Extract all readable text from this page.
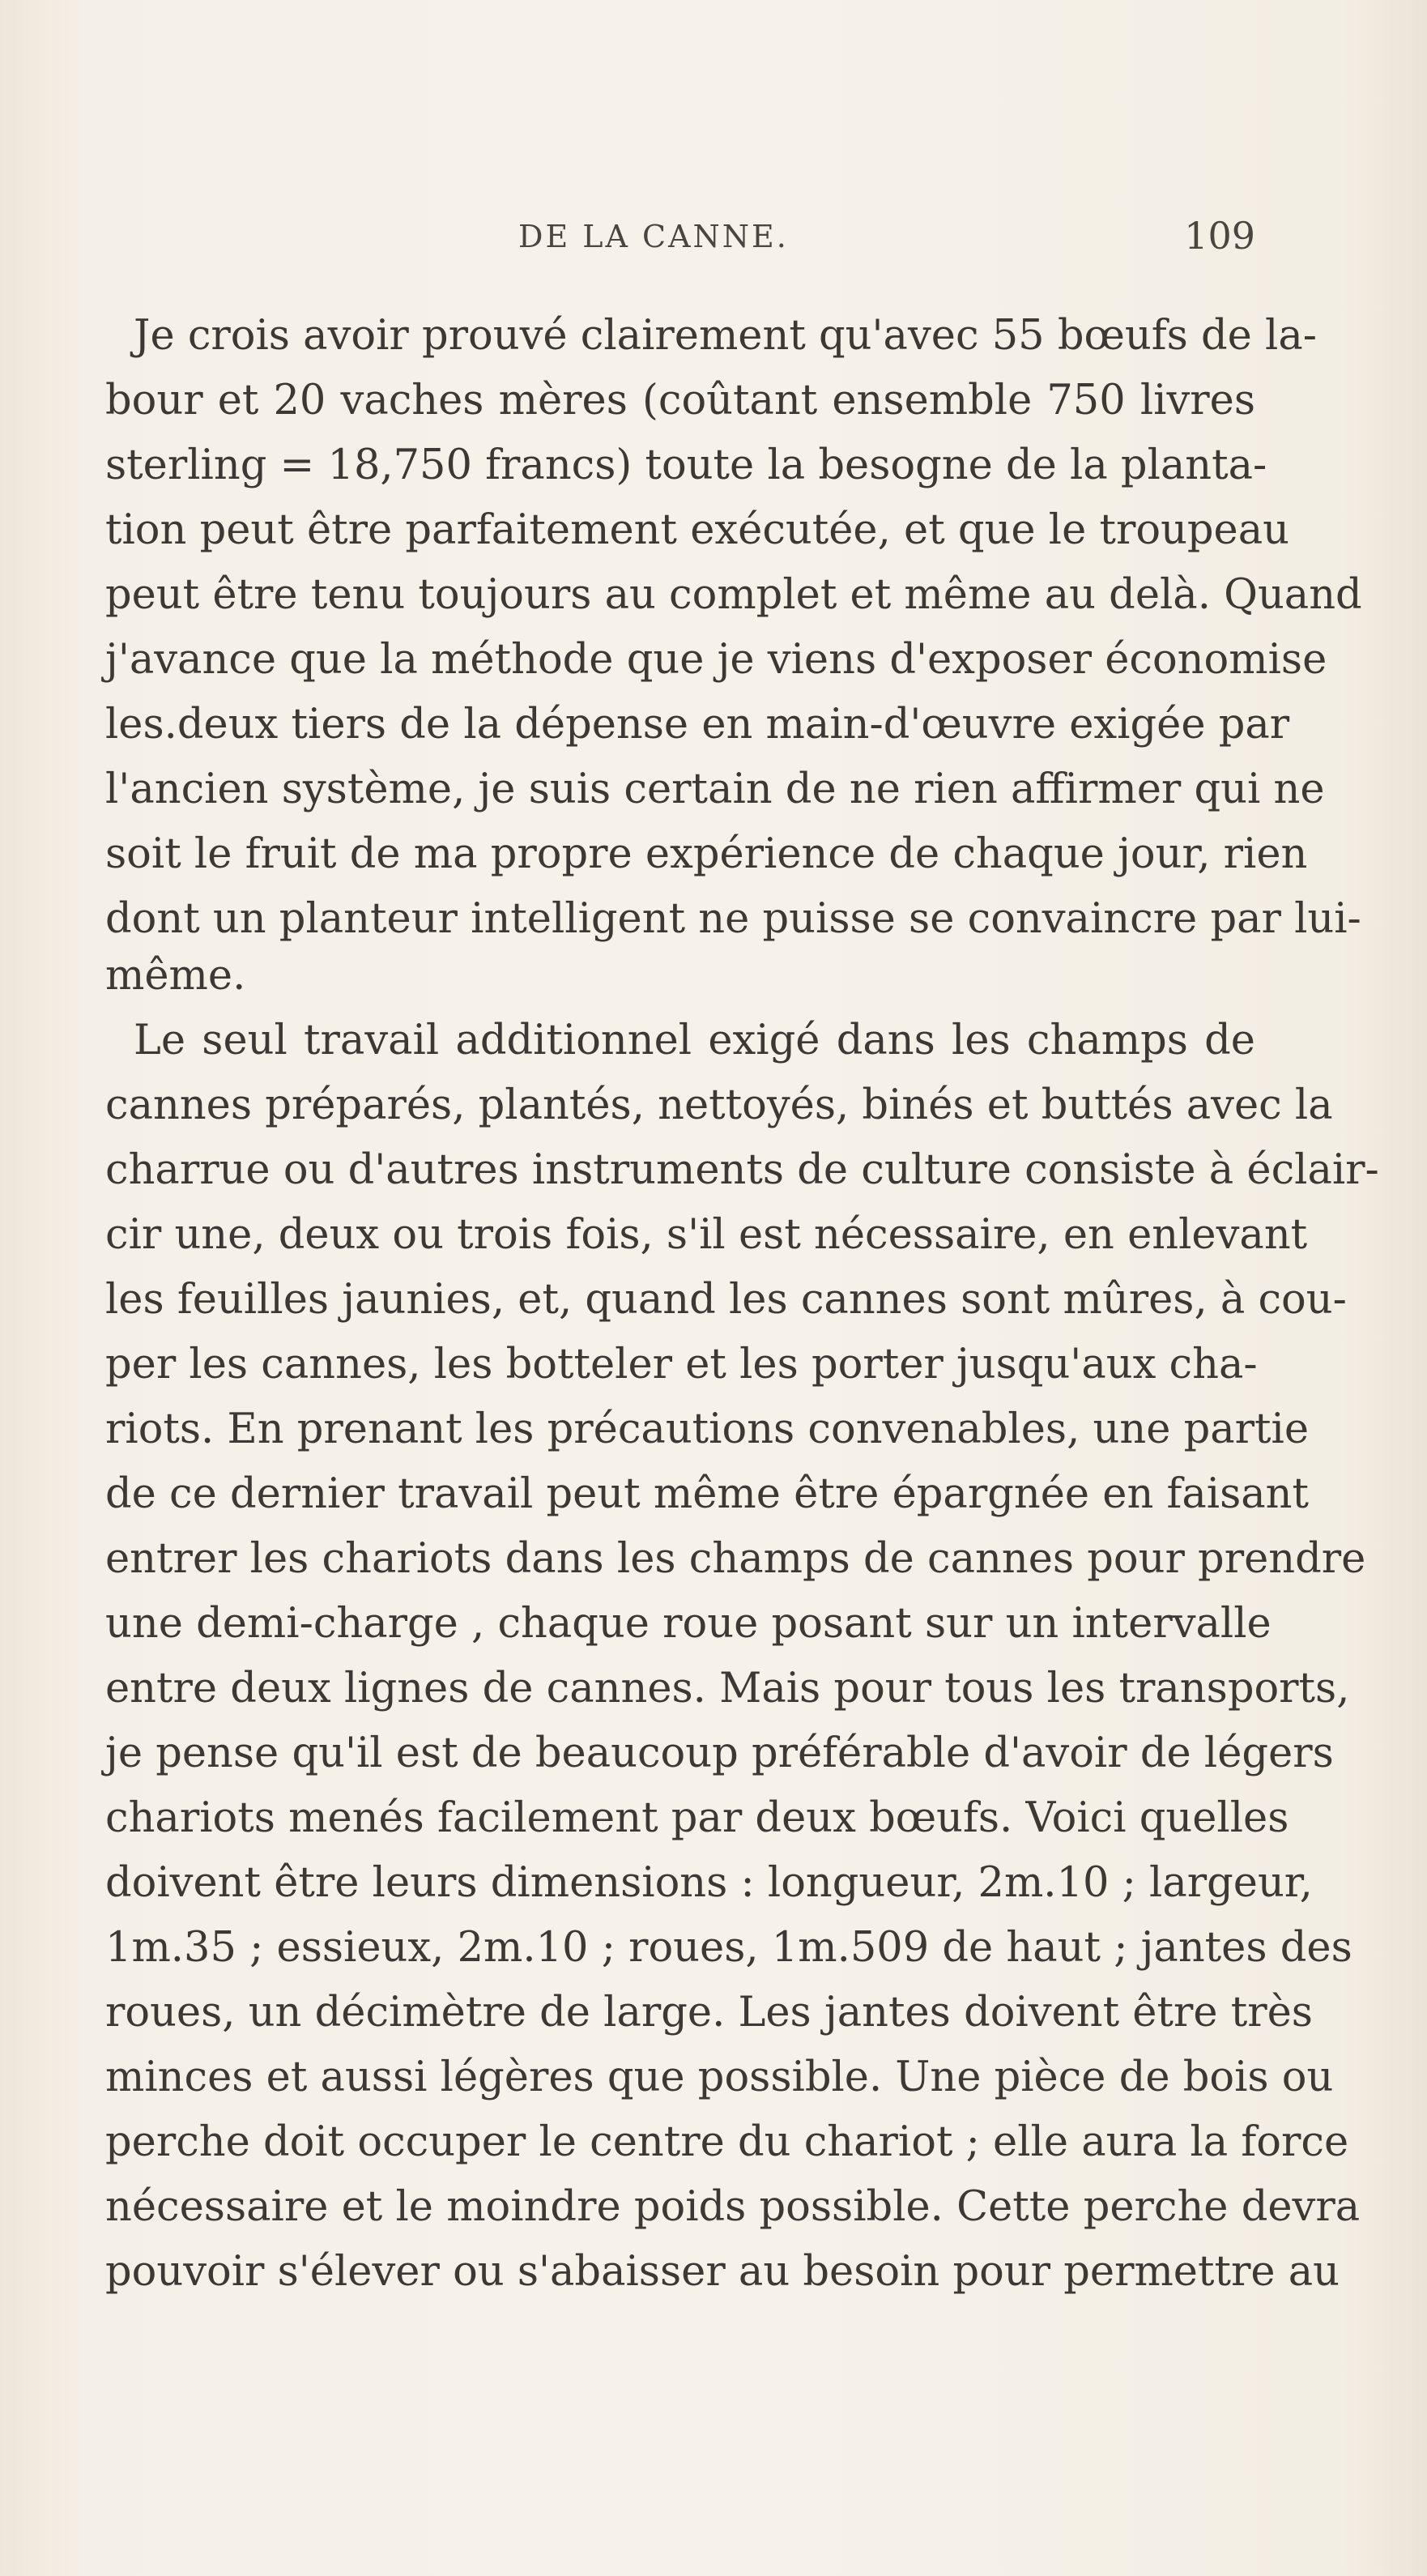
DE LA CANNE.	109
Je crois avoir prouvé clairement qu'avec 55 bœufs de la-
bour et 20 vaches mères (coûtant ensemble 750 livres
sterling = 18,750 francs) toute la besogne de la planta-
tion peut être parfaitement exécutée, et que le troupeau
peut être tenu toujours au complet et même au delà. Quand
j'avance que la méthode que je viens d'exposer économise
les.deux tiers de la dépense en main-d'œuvre exigée par
l'ancien système, je suis certain de ne rien affirmer qui ne
soit le fruit de ma propre expérience de chaque jour, rien
dont un planteur intelligent ne puisse se convaincre par lui-
même.
Le seul travail additionnel exigé dans les champs de
cannes préparés, plantés, nettoyés, binés et buttés avec la
charrue ou d'autres instruments de culture consiste à éclair-
cir une, deux ou trois fois, s'il est nécessaire, en enlevant
les feuilles jaunies, et, quand les cannes sont mûres, à cou-
per les cannes, les botteler et les porter jusqu'aux cha-
riots. En prenant les précautions convenables, une partie
de ce dernier travail peut même être épargnée en faisant
entrer les chariots dans les champs de cannes pour prendre
une demi-charge , chaque roue posant sur un intervalle
entre deux lignes de cannes. Mais pour tous les transports,
je pense qu'il est de beaucoup préférable d'avoir de légers
chariots menés facilement par deux bœufs. Voici quelles
doivent être leurs dimensions : longueur, 2m.10 ; largeur,
1m.35 ; essieux, 2m.10 ; roues, 1m.509 de haut ; jantes des
roues, un décimètre de large. Les jantes doivent être très
minces et aussi légères que possible. Une pièce de bois ou
perche doit occuper le centre du chariot ; elle aura la force
nécessaire et le moindre poids possible. Cette perche devra
pouvoir s'élever ou s'abaisser au besoin pour permettre au
